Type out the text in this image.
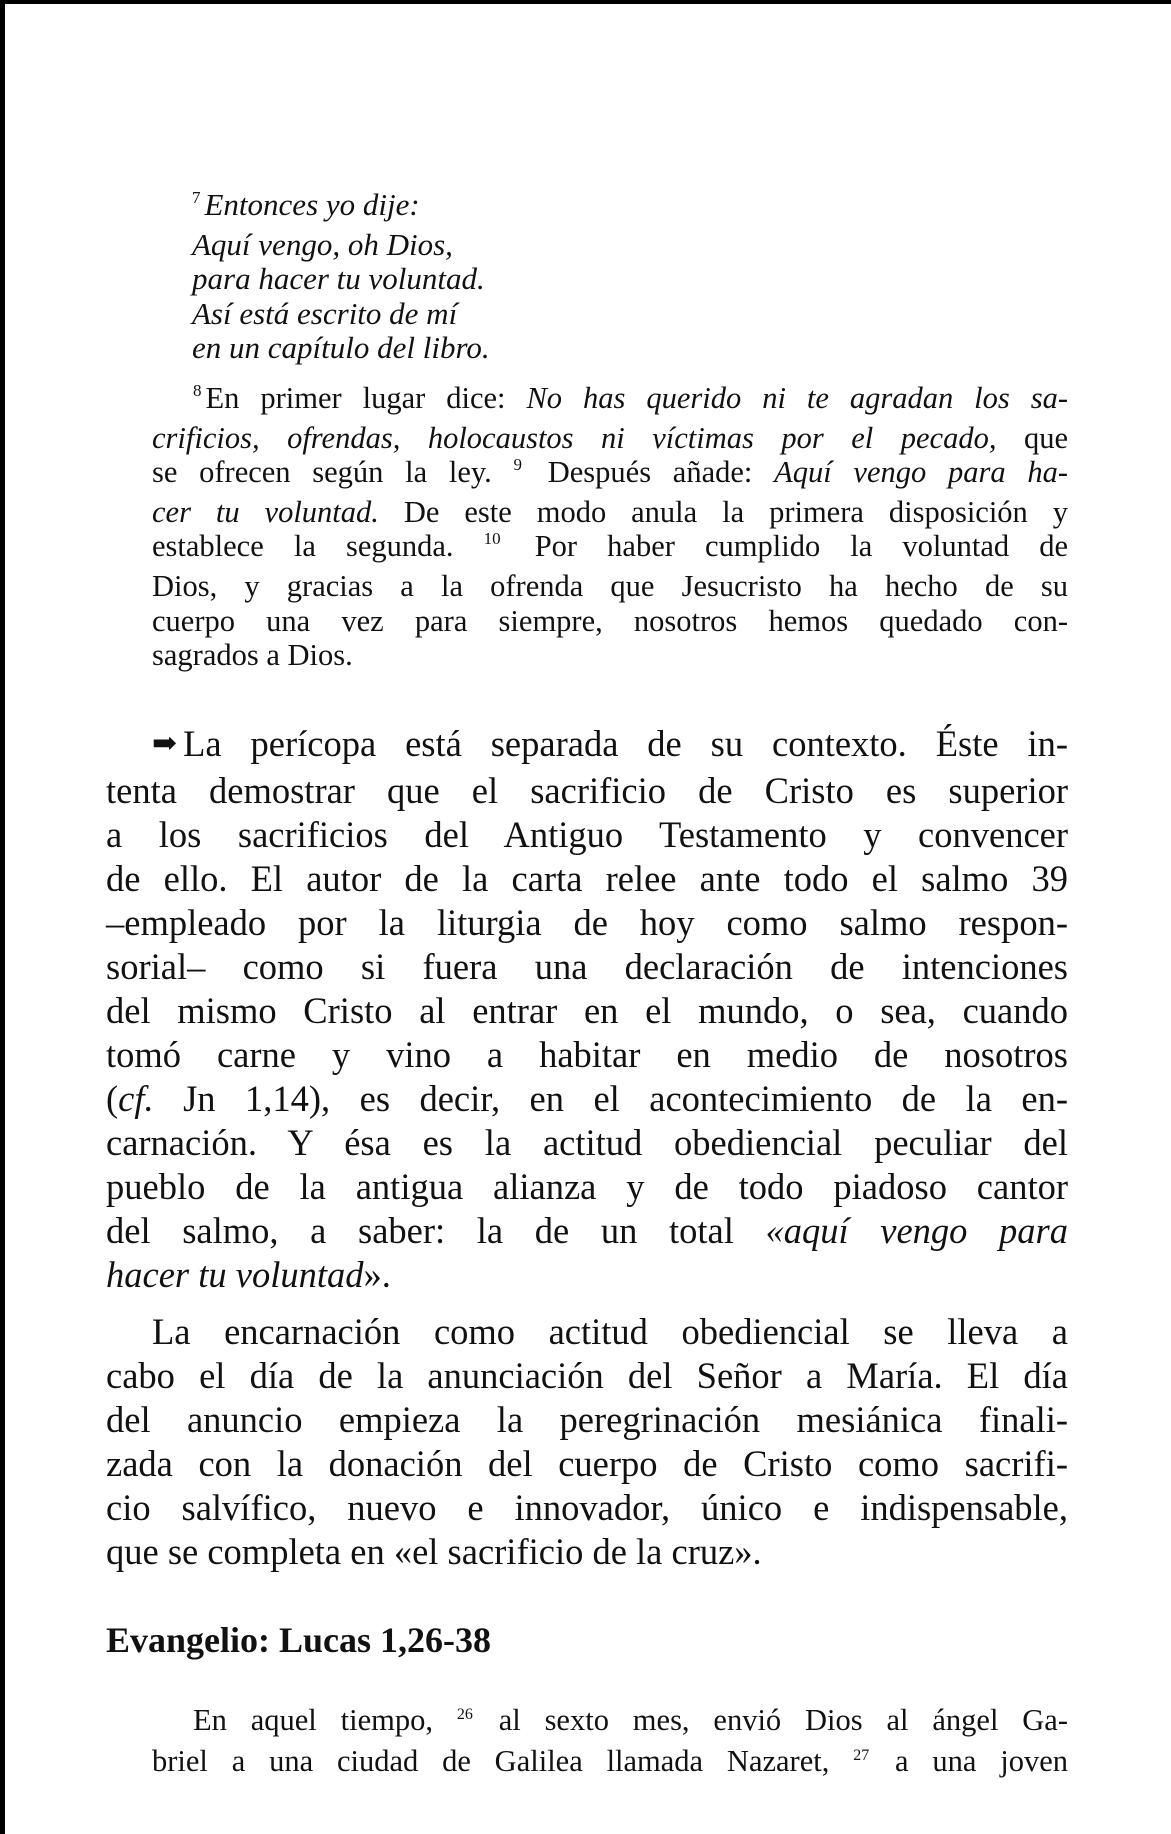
$^7$ Entonces yo dije:
Aquí vengo, oh Dios,
para hacer tu voluntad.
Así está escrito de mí
en un capítulo del libro.
$^8$ En primer lugar dice: No has querido ni te agradan los sa-
crificios, ofrendas, holocaustos ni víctimas por el pecado, que
se ofrecen según la ley. $^9$ Después añade: Aquí vengo para ha-
cer tu voluntad. De este modo anula la primera disposición y
establece la segunda. $^{10}$ Por haber cumplido la voluntad de
Dios, y gracias a la ofrenda que Jesucristo ha hecho de su
cuerpo una vez para siempre, nosotros hemos quedado con-
sagrados a Dios.
➡ La perícopa está separada de su contexto. Éste in-
tenta demostrar que el sacrificio de Cristo es superior
a los sacrificios del Antiguo Testamento y convencer
de ello. El autor de la carta relee ante todo el salmo 39
–empleado por la liturgia de hoy como salmo respon-
sorial– como si fuera una declaración de intenciones
del mismo Cristo al entrar en el mundo, o sea, cuando
tomó carne y vino a habitar en medio de nosotros
(cf. Jn 1,14), es decir, en el acontecimiento de la en-
carnación. Y ésa es la actitud obediencial peculiar del
pueblo de la antigua alianza y de todo piadoso cantor
del salmo, a saber: la de un total «aquí vengo para
hacer tu voluntad».
La encarnación como actitud obediencial se lleva a
cabo el día de la anunciación del Señor a María. El día
del anuncio empieza la peregrinación mesiánica finali-
zada con la donación del cuerpo de Cristo como sacrifi-
cio salvífico, nuevo e innovador, único e indispensable,
que se completa en «el sacrificio de la cruz».
Evangelio: Lucas 1,26-38
En aquel tiempo, $^{26}$ al sexto mes, envió Dios al ángel Ga-
briel a una ciudad de Galilea llamada Nazaret, $^{27}$ a una joven
